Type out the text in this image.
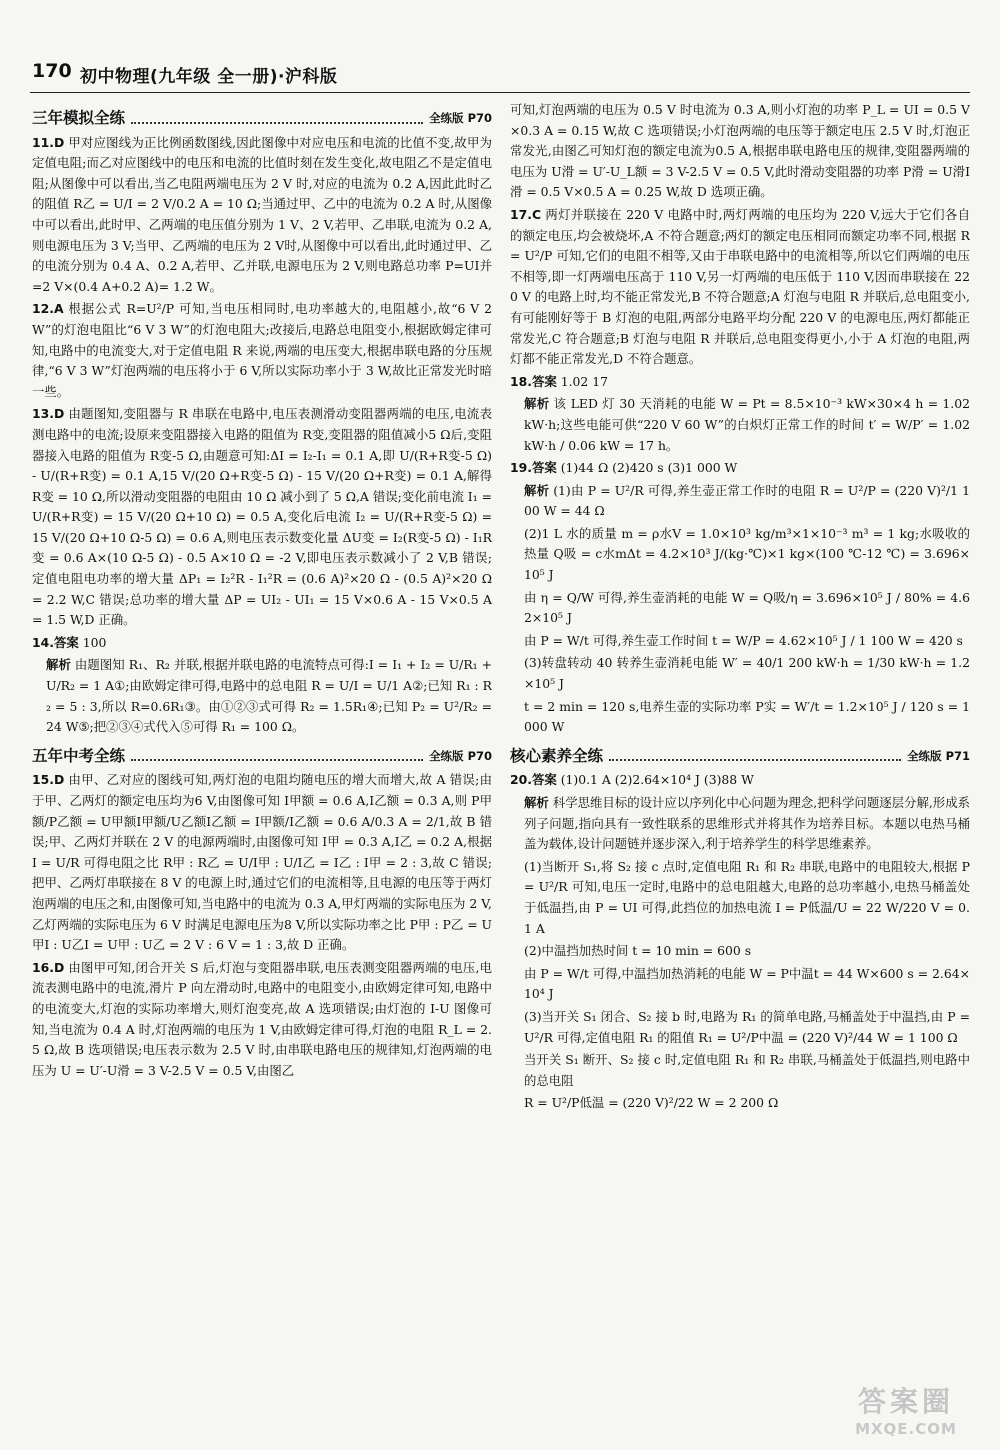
170 初中物理(九年级 全一册)·沪科版
三年模拟全练	全练版 P70

11.D 甲对应图线为正比例函数图线,因此图像中对应电压和电流的比值不变,故甲为定值电阻;而乙对应图线中的电压和电流的比值时刻在发生变化,故电阻乙不是定值电阻;从图像中可以看出,当乙电阻两端电压为 2 V 时,对应的电流为 0.2 A,因此此时乙的阻值 R乙 = U/I = 2 V/0.2 A = 10 Ω;当通过甲、乙中的电流为 0.2 A 时,从图像中可以看出,此时甲、乙两端的电压值分别为 1 V、2 V,若甲、乙串联,电流为 0.2 A,则电源电压为 3 V;当甲、乙两端的电压为 2 V时,从图像中可以看出,此时通过甲、乙的电流分别为 0.4 A、0.2 A,若甲、乙并联,电源电压为 2 V,则电路总功率 P=UI并 =2 V×(0.4 A+0.2 A)= 1.2 W。

12.A 根据公式 R=U²/P 可知,当电压相同时,电功率越大的,电阻越小,故“6 V 2 W”的灯泡电阻比“6 V 3 W”的灯泡电阻大;改接后,电路总电阻变小,根据欧姆定律可知,电路中的电流变大,对于定值电阻 R 来说,两端的电压变大,根据串联电路的分压规律,“6 V 3 W”灯泡两端的电压将小于 6 V,所以实际功率小于 3 W,故比正常发光时暗一些。

13.D 由题图知,变阻器与 R 串联在电路中,电压表测滑动变阻器两端的电压,电流表测电路中的电流;设原来变阻器接入电路的阻值为 R变,变阻器的阻值减小5 Ω后,变阻器接入电路的阻值为 R变-5 Ω,由题意可知:ΔI = I₂-I₁ = 0.1 A,即 U/(R+R变-5 Ω) - U/(R+R变) = 0.1 A,15 V/(20 Ω+R变-5 Ω) - 15 V/(20 Ω+R变) = 0.1 A,解得 R变 = 10 Ω,所以滑动变阻器的电阻由 10 Ω 减小到了 5 Ω,A 错误;变化前电流 I₁ = U/(R+R变) = 15 V/(20 Ω+10 Ω) = 0.5 A,变化后电流 I₂ = U/(R+R变-5 Ω) = 15 V/(20 Ω+10 Ω-5 Ω) = 0.6 A,则电压表示数变化量 ΔU变 = I₂(R变-5 Ω) - I₁R变 = 0.6 A×(10 Ω-5 Ω) - 0.5 A×10 Ω = -2 V,即电压表示数减小了 2 V,B 错误;定值电阻电功率的增大量 ΔP₁ = I₂²R - I₁²R = (0.6 A)²×20 Ω - (0.5 A)²×20 Ω = 2.2 W,C 错误;总功率的增大量 ΔP = UI₂ - UI₁ = 15 V×0.6 A - 15 V×0.5 A = 1.5 W,D 正确。

14.答案 100

解析 由题图知 R₁、R₂ 并联,根据并联电路的电流特点可得:I = I₁ + I₂ = U/R₁ + U/R₂ = 1 A①;由欧姆定律可得,电路中的总电阻 R = U/I = U/1 A②;已知 R₁ : R₂ = 5 : 3,所以 R=0.6R₁③。由①②③式可得 R₂ = 1.5R₁④;已知 P₂ = U²/R₂ = 24 W⑤;把②③④式代入⑤可得 R₁ = 100 Ω。

五年中考全练	全练版 P70

15.D 由甲、乙对应的图线可知,两灯泡的电阻均随电压的增大而增大,故 A 错误;由于甲、乙两灯的额定电压均为6 V,由图像可知 I甲额 = 0.6 A,I乙额 = 0.3 A,则 P甲额/P乙额 = U甲额I甲额/U乙额I乙额 = I甲额/I乙额 = 0.6 A/0.3 A = 2/1,故 B 错误;甲、乙两灯并联在 2 V 的电源两端时,由图像可知 I甲 = 0.3 A,I乙 = 0.2 A,根据 I = U/R 可得电阻之比 R甲 : R乙 = U/I甲 : U/I乙 = I乙 : I甲 = 2 : 3,故 C 错误;把甲、乙两灯串联接在 8 V 的电源上时,通过它们的电流相等,且电源的电压等于两灯泡两端的电压之和,由图像可知,当电路中的电流为 0.3 A,甲灯两端的实际电压为 2 V,乙灯两端的实际电压为 6 V 时满足电源电压为8 V,所以实际功率之比 P甲 : P乙 = U甲I : U乙I = U甲 : U乙 = 2 V : 6 V = 1 : 3,故 D 正确。

16.D 由图甲可知,闭合开关 S 后,灯泡与变阻器串联,电压表测变阻器两端的电压,电流表测电路中的电流,滑片 P 向左滑动时,电路中的电阻变小,由欧姆定律可知,电路中的电流变大,灯泡的实际功率增大,则灯泡变亮,故 A 选项错误;由灯泡的 I-U 图像可知,当电流为 0.4 A 时,灯泡两端的电压为 1 V,由欧姆定律可得,灯泡的电阻 R_L = 2.5 Ω,故 B 选项错误;电压表示数为 2.5 V 时,由串联电路电压的规律知,灯泡两端的电压为 U = U′-U滑 = 3 V-2.5 V = 0.5 V,由图乙

可知,灯泡两端的电压为 0.5 V 时电流为 0.3 A,则小灯泡的功率 P_L = UI = 0.5 V×0.3 A = 0.15 W,故 C 选项错误;小灯泡两端的电压等于额定电压 2.5 V 时,灯泡正常发光,由图乙可知灯泡的额定电流为0.5 A,根据串联电路电压的规律,变阻器两端的电压为 U滑 = U′-U_L额 = 3 V-2.5 V = 0.5 V,此时滑动变阻器的功率 P滑 = U滑I滑 = 0.5 V×0.5 A = 0.25 W,故 D 选项正确。

17.C 两灯并联接在 220 V 电路中时,两灯两端的电压均为 220 V,远大于它们各自的额定电压,均会被烧坏,A 不符合题意;两灯的额定电压相同而额定功率不同,根据 R = U²/P 可知,它们的电阻不相等,又由于串联电路中的电流相等,所以它们两端的电压不相等,即一灯两端电压高于 110 V,另一灯两端的电压低于 110 V,因而串联接在 220 V 的电路上时,均不能正常发光,B 不符合题意;A 灯泡与电阻 R 并联后,总电阻变小,有可能刚好等于 B 灯泡的电阻,两部分电路平均分配 220 V 的电源电压,两灯都能正常发光,C 符合题意;B 灯泡与电阻 R 并联后,总电阻变得更小,小于 A 灯泡的电阻,两灯都不能正常发光,D 不符合题意。

18.答案 1.02 17

解析 该 LED 灯 30 天消耗的电能 W = Pt = 8.5×10⁻³ kW×30×4 h = 1.02 kW·h;这些电能可供“220 V 60 W”的白炽灯正常工作的时间 t′ = W/P′ = 1.02 kW·h / 0.06 kW = 17 h。

19.答案 (1)44 Ω (2)420 s (3)1 000 W

解析 (1)由 P = U²/R 可得,养生壶正常工作时的电阻 R = U²/P = (220 V)²/1 100 W = 44 Ω

(2)1 L 水的质量 m = ρ水V = 1.0×10³ kg/m³×1×10⁻³ m³ = 1 kg;水吸收的热量 Q吸 = c水mΔt = 4.2×10³ J/(kg·℃)×1 kg×(100 ℃-12 ℃) = 3.696×10⁵ J

由 η = Q/W 可得,养生壶消耗的电能 W = Q吸/η = 3.696×10⁵ J / 80% = 4.62×10⁵ J

由 P = W/t 可得,养生壶工作时间 t = W/P = 4.62×10⁵ J / 1 100 W = 420 s

(3)转盘转动 40 转养生壶消耗电能 W′ = 40/1 200 kW·h = 1/30 kW·h = 1.2×10⁵ J

t = 2 min = 120 s,电养生壶的实际功率 P实 = W′/t = 1.2×10⁵ J / 120 s = 1 000 W

核心素养全练	全练版 P71

20.答案 (1)0.1 A (2)2.64×10⁴ J (3)88 W

解析 科学思维目标的设计应以序列化中心问题为理念,把科学问题逐层分解,形成系列子问题,指向具有一致性联系的思维形式并将其作为培养目标。本题以电热马桶盖为载体,设计问题链并逐步深入,利于培养学生的科学思维素养。

(1)当断开 S₁,将 S₂ 接 c 点时,定值电阻 R₁ 和 R₂ 串联,电路中的电阻较大,根据 P = U²/R 可知,电压一定时,电路中的总电阻越大,电路的总功率越小,电热马桶盖处于低温挡,由 P = UI 可得,此挡位的加热电流 I = P低温/U = 22 W/220 V = 0.1 A

(2)中温挡加热时间 t = 10 min = 600 s

由 P = W/t 可得,中温挡加热消耗的电能 W = P中温t = 44 W×600 s = 2.64×10⁴ J

(3)当开关 S₁ 闭合、S₂ 接 b 时,电路为 R₁ 的简单电路,马桶盖处于中温挡,由 P = U²/R 可得,定值电阻 R₁ 的阻值 R₁ = U²/P中温 = (220 V)²/44 W = 1 100 Ω

当开关 S₁ 断开、S₂ 接 c 时,定值电阻 R₁ 和 R₂ 串联,马桶盖处于低温挡,则电路中的总电阻

R = U²/P低温 = (220 V)²/22 W = 2 200 Ω

答案圈
MXQE.COM
